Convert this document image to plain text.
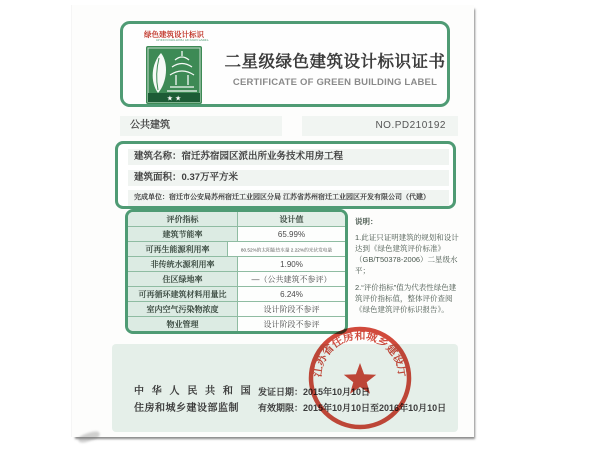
绿色建筑设计标识
GREEN BUILDING DESIGN LABEL
★ ★
二星级绿色建筑设计标识证书
CERTIFICATE OF GREEN BUILDING LABEL
公共建筑	NO.PD210192
建筑名称：宿迁苏宿园区派出所业务技术用房工程
建筑面积：0.37万平方米
完成单位：宿迁市公安局苏州宿迁工业园区分局 江苏省苏州宿迁工业园区开发有限公司（代建）
评价指标	设计值
建筑节能率	65.99%
可再生能源利用率	80.52%的太阳能热水量 2.22%的光伏发电量
非传统水源利用率	1.90%
住区绿地率	—（公共建筑不参评）
可再循环建筑材料用量比	6.24%
室内空气污染物浓度	设计阶段不参评
物业管理	设计阶段不参评
说明：

1.此证只证明建筑的规划和设计达到《绿色建筑评价标准》（GB/T50378-2006）二星级水平；

2.“评价指标”值为代表性绿色建筑评价指标值，整体评价查阅《绿色建筑评价标识报告》。

中 华 人 民 共 和 国
住房和城乡建设部监制
发证日期：2015年10月10日
有效期限：2015年10月10日至2016年10月10日
江苏省住房和城乡建设厅
